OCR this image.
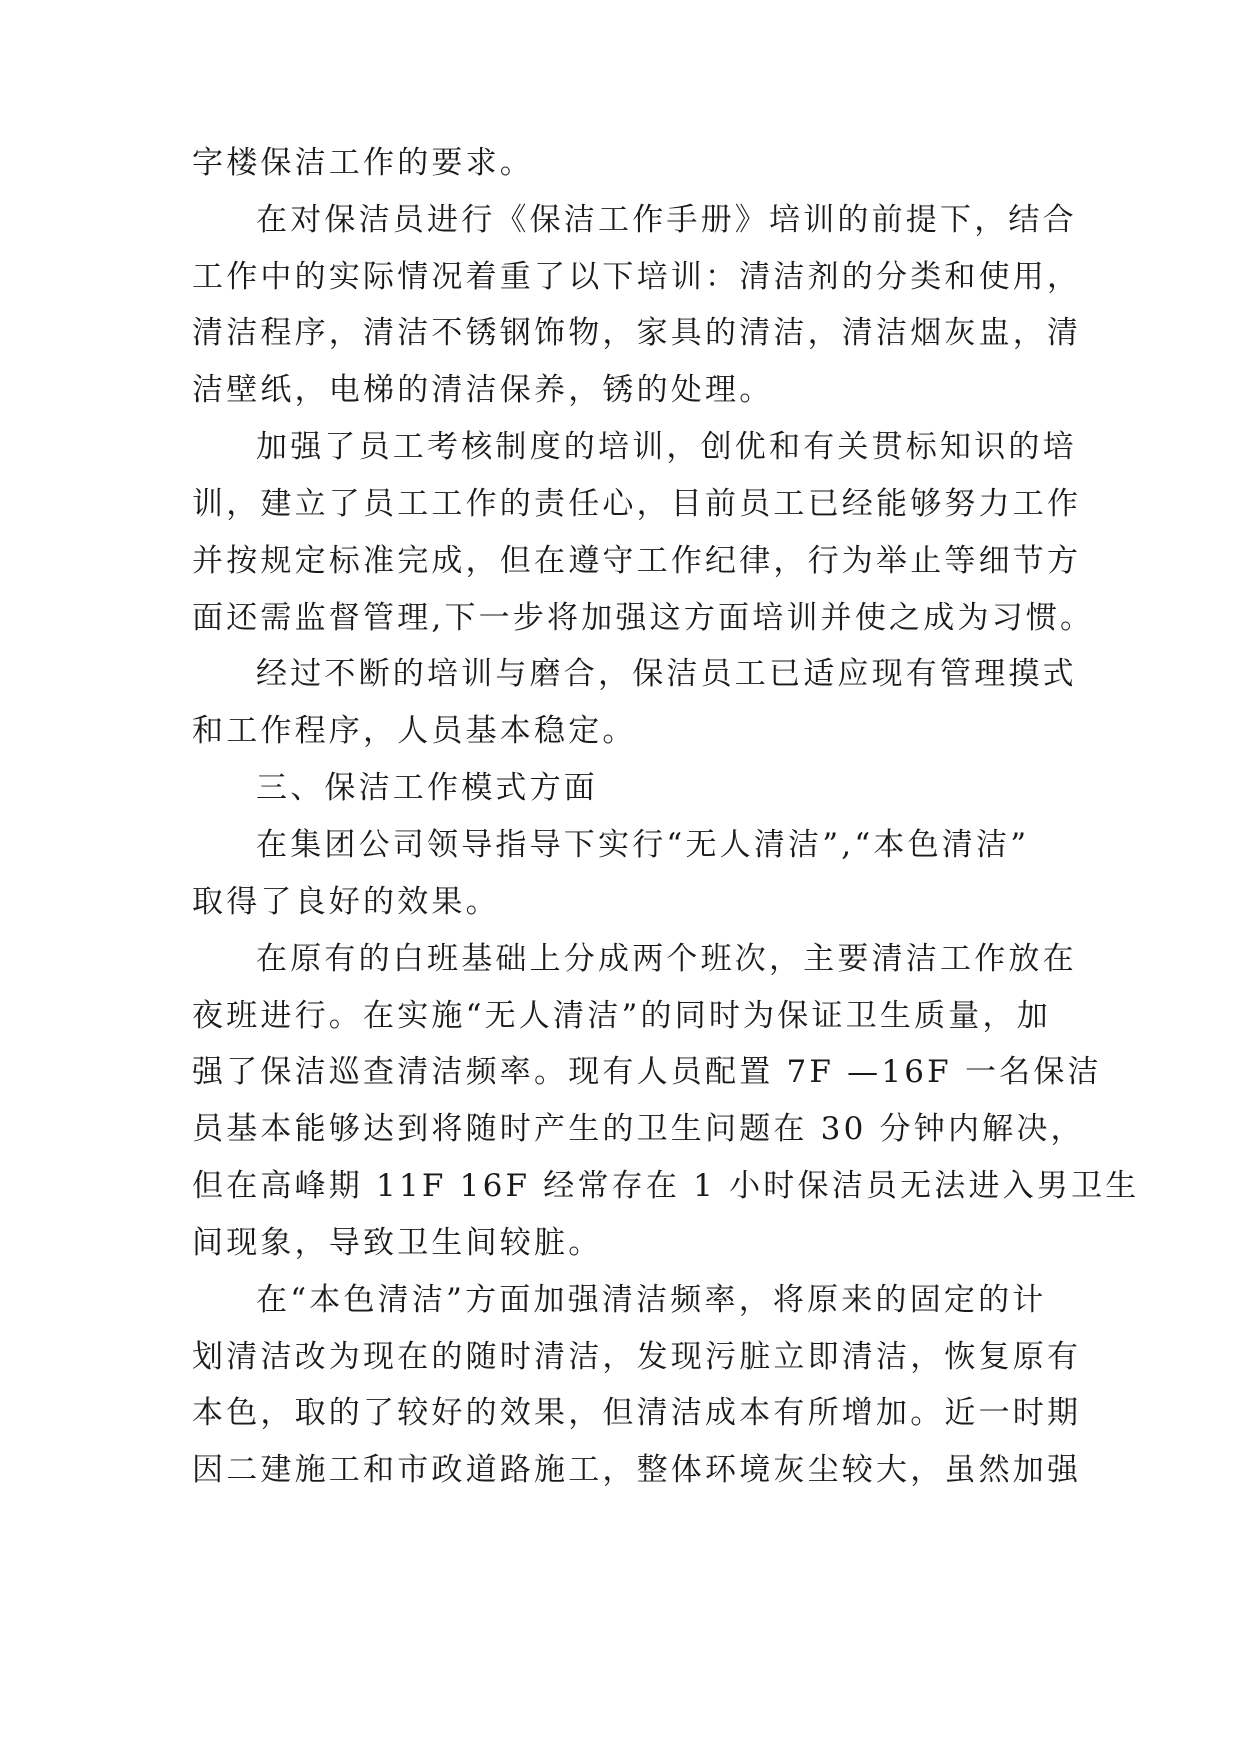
字楼保洁工作的要求。
在对保洁员进行《保洁工作手册》培训的前提下，结合
工作中的实际情况着重了以下培训：清洁剂的分类和使用，
清洁程序，清洁不锈钢饰物，家具的清洁，清洁烟灰盅，清
洁壁纸，电梯的清洁保养，锈的处理。
加强了员工考核制度的培训，创优和有关贯标知识的培
训，建立了员工工作的责任心，目前员工已经能够努力工作
并按规定标准完成，但在遵守工作纪律，行为举止等细节方
面还需监督管理,下一步将加强这方面培训并使之成为习惯。
经过不断的培训与磨合，保洁员工已适应现有管理摸式
和工作程序，人员基本稳定。
三、保洁工作模式方面
在集团公司领导指导下实行“无人清洁”,“本色清洁”
取得了良好的效果。
在原有的白班基础上分成两个班次，主要清洁工作放在
夜班进行。在实施“无人清洁”的同时为保证卫生质量，加
强了保洁巡查清洁频率。现有人员配置 7F —16F 一名保洁
员基本能够达到将随时产生的卫生问题在 30 分钟内解决，
但在高峰期 11F 16F 经常存在 1 小时保洁员无法进入男卫生
间现象，导致卫生间较脏。
在“本色清洁”方面加强清洁频率，将原来的固定的计
划清洁改为现在的随时清洁，发现污脏立即清洁，恢复原有
本色，取的了较好的效果，但清洁成本有所增加。近一时期
因二建施工和市政道路施工，整体环境灰尘较大，虽然加强
